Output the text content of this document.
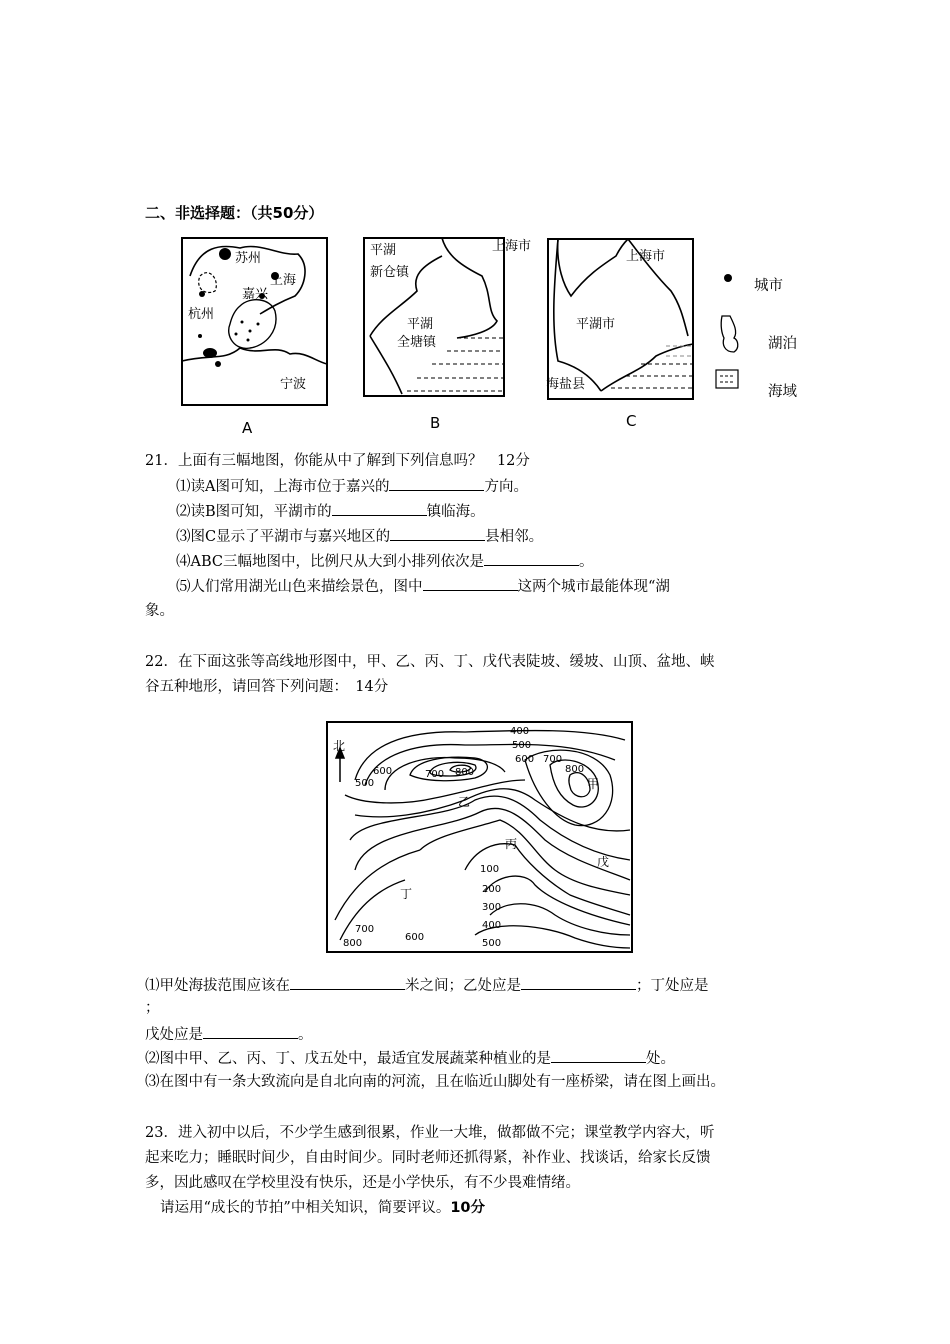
二、非选择题：（共50分）
苏州
上海
嘉兴
杭州
宁波
A
平湖
新仓镇
上海市
平湖
全塘镇
B
上海市
平湖市
海盐县
C
城市
湖泊
海域
21．上面有三幅地图，你能从中了解到下列信息吗？　12分
⑴读A图可知，上海市位于嘉兴的	方向。
⑵读B图可知，平湖市的	镇临海。
⑶图C显示了平湖市与嘉兴地区的	县相邻。
⑷ABC三幅地图中，比例尺从大到小排列依次是	。
⑸人们常用湖光山色来描绘景色，图中	这两个城市最能体现“湖
象。
22．在下面这张等高线地形图中，甲、乙、丙、丁、戊代表陡坡、缓坡、山顶、盆地、峡
谷五种地形，请回答下列问题：　14分
400
500
600 700
800
600	700 800
500
100
200
300
400
500
700
600
800
北
甲
乙
丙
丁
戊
⑴甲处海拔范围应该在	米之间；乙处应是	；丁处应是
；
戊处应是	。
⑵图中甲、乙、丙、丁、戊五处中，最适宜发展蔬菜种植业的是	处。
⑶在图中有一条大致流向是自北向南的河流，且在临近山脚处有一座桥梁，请在图上画出。
23．进入初中以后，不少学生感到很累，作业一大堆，做都做不完；课堂教学内容大，听
起来吃力；睡眠时间少，自由时间少。同时老师还抓得紧，补作业、找谈话，给家长反馈
多，因此感叹在学校里没有快乐，还是小学快乐，有不少畏难情绪。
请运用“成长的节拍”中相关知识，简要评议。10分
